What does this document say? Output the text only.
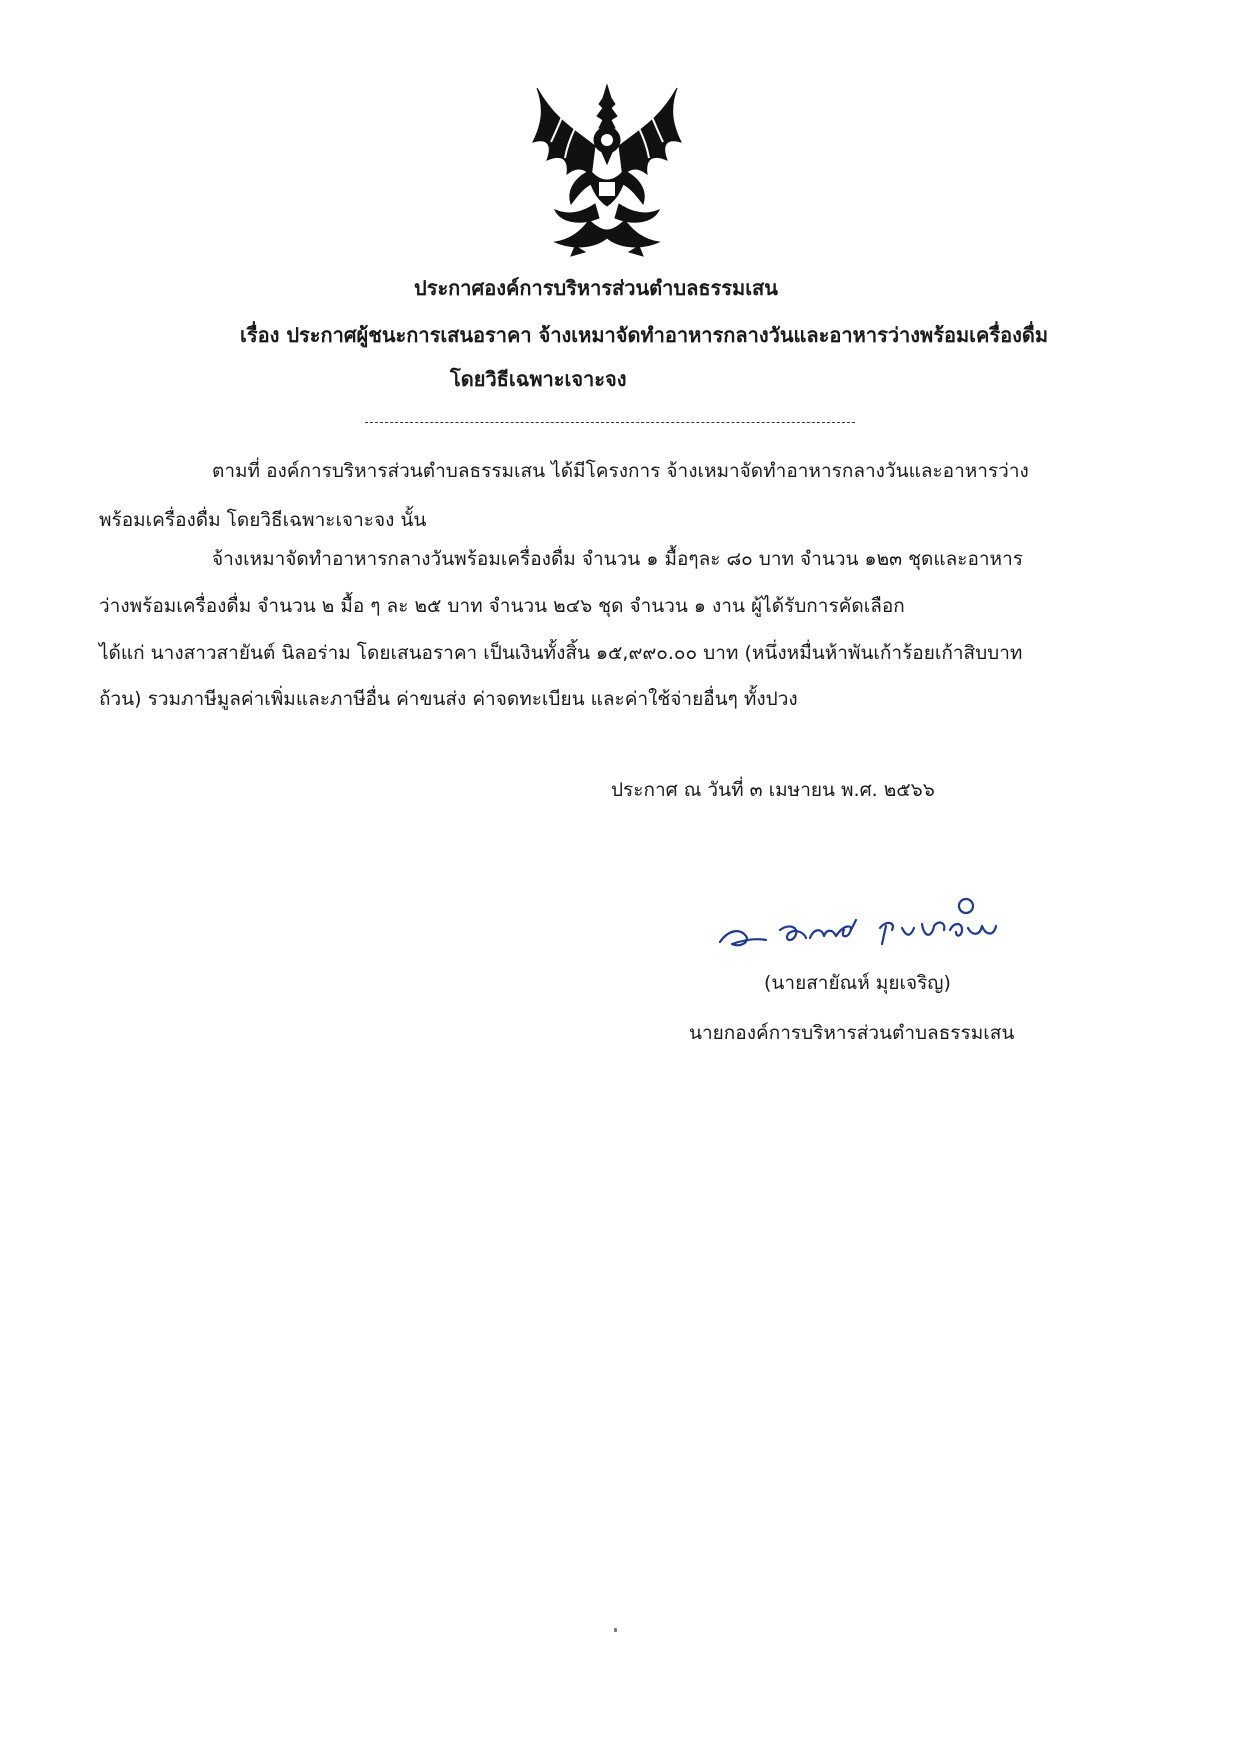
ประกาศองค์การบริหารส่วนตำบลธรรมเสน
เรื่อง ประกาศผู้ชนะการเสนอราคา จ้างเหมาจัดทำอาหารกลางวันและอาหารว่างพร้อมเครื่องดื่ม
โดยวิธีเฉพาะเจาะจง
ตามที่ องค์การบริหารส่วนตำบลธรรมเสน ได้มีโครงการ จ้างเหมาจัดทำอาหารกลางวันและอาหารว่าง
พร้อมเครื่องดื่ม โดยวิธีเฉพาะเจาะจง นั้น
จ้างเหมาจัดทำอาหารกลางวันพร้อมเครื่องดื่ม จำนวน ๑ มื้อๆละ ๘๐ บาท จำนวน ๑๒๓ ชุดและอาหาร
ว่างพร้อมเครื่องดื่ม จำนวน ๒ มื้อ ๆ ละ ๒๕ บาท จำนวน ๒๔๖ ชุด จำนวน ๑ งาน ผู้ได้รับการคัดเลือก
ได้แก่ นางสาวสายันต์ นิลอร่าม โดยเสนอราคา เป็นเงินทั้งสิ้น ๑๕,๙๙๐.๐๐ บาท (หนึ่งหมื่นห้าพันเก้าร้อยเก้าสิบบาท
ถ้วน) รวมภาษีมูลค่าเพิ่มและภาษีอื่น ค่าขนส่ง ค่าจดทะเบียน และค่าใช้จ่ายอื่นๆ ทั้งปวง
ประกาศ ณ วันที่ ๓ เมษายน พ.ศ. ๒๕๖๖
(นายสายัณห์ มุยเจริญ)
นายกองค์การบริหารส่วนตำบลธรรมเสน
